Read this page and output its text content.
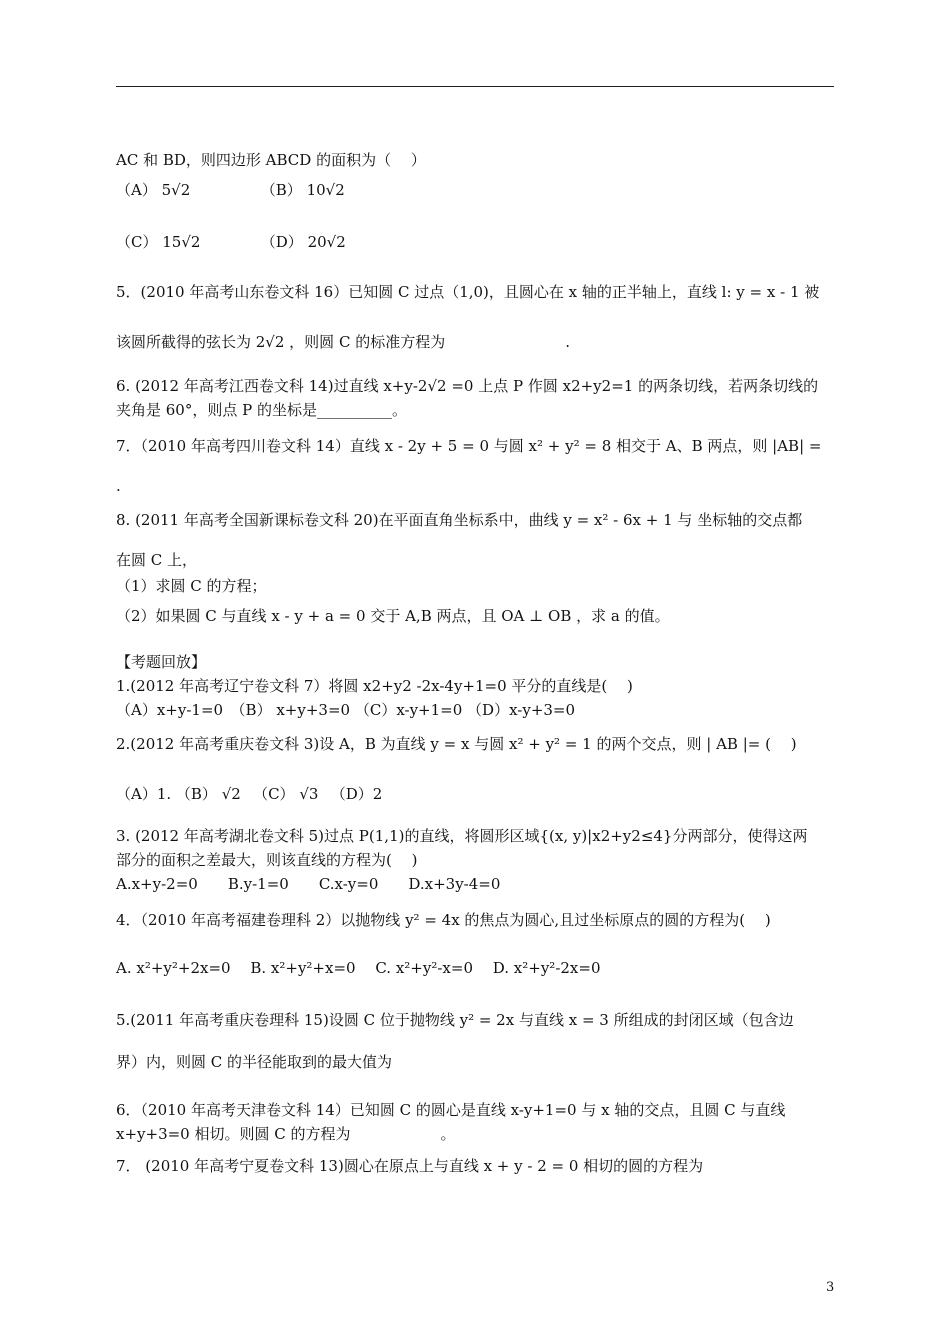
AC 和 BD，则四边形 ABCD 的面积为（　 ）
（A） 5√2	（B） 10√2
（C） 15√2	（D） 20√2
5．(2010 年高考山东卷文科 16）已知圆 C 过点（1,0)，且圆心在 x 轴的正半轴上，直线 l: y = x - 1 被
该圆所截得的弦长为 2√2 ，则圆 C 的标准方程为　　　　　　　　.
6. (2012 年高考江西卷文科 14)过直线 x+y-2√2 =0 上点 P 作圆 x2+y2=1 的两条切线，若两条切线的
夹角是 60°，则点 P 的坐标是__________。
7．（2010 年高考四川卷文科 14）直线 x - 2y + 5 = 0 与圆 x² + y² = 8 相交于 A、B 两点，则 |AB| =
.
8. (2011 年高考全国新课标卷文科 20)在平面直角坐标系中，曲线 y = x² - 6x + 1 与 坐标轴的交点都
在圆 C 上，
（1）求圆 C 的方程；
（2）如果圆 C 与直线 x - y + a = 0 交于 A,B 两点，且 OA ⊥ OB ，求 a 的值。
【考题回放】
1.(2012 年高考辽宁卷文科 7）将圆 x2+y2 -2x-4y+1=0 平分的直线是(　 )
（A）x+y-1=0　（B） x+y+3=0 （C）x-y+1=0 （D）x-y+3=0
2.(2012 年高考重庆卷文科 3)设 A，B 为直线 y = x 与圆 x² + y² = 1 的两个交点，则 | AB |= (　 )
（A）1. （B） √2 　（C） √3 　（D）2
3. (2012 年高考湖北卷文科 5)过点 P(1,1)的直线，将圆形区域{(x, y)|x2+y2≤4}分两部分，使得这两
部分的面积之差最大，则该直线的方程为(　 )
A.x+y-2=0　　B.y-1=0　　C.x-y=0　　D.x+3y-4=0
4．（2010 年高考福建卷理科 2）以抛物线 y² = 4x 的焦点为圆心,且过坐标原点的圆的方程为(　 )
A. x²+y²+2x=0　 B. x²+y²+x=0　 C. x²+y²-x=0　 D. x²+y²-2x=0
5.(2011 年高考重庆卷理科 15)设圆 C 位于抛物线 y² = 2x 与直线 x = 3 所组成的封闭区域（包含边
界）内，则圆 C 的半径能取到的最大值为
6．（2010 年高考天津卷文科 14）已知圆 C 的圆心是直线 x-y+1=0 与 x 轴的交点，且圆 C 与直线
x+y+3=0 相切。则圆 C 的方程为　　　　　　。
7． (2010 年高考宁夏卷文科 13)圆心在原点上与直线 x + y - 2 = 0 相切的圆的方程为
3
